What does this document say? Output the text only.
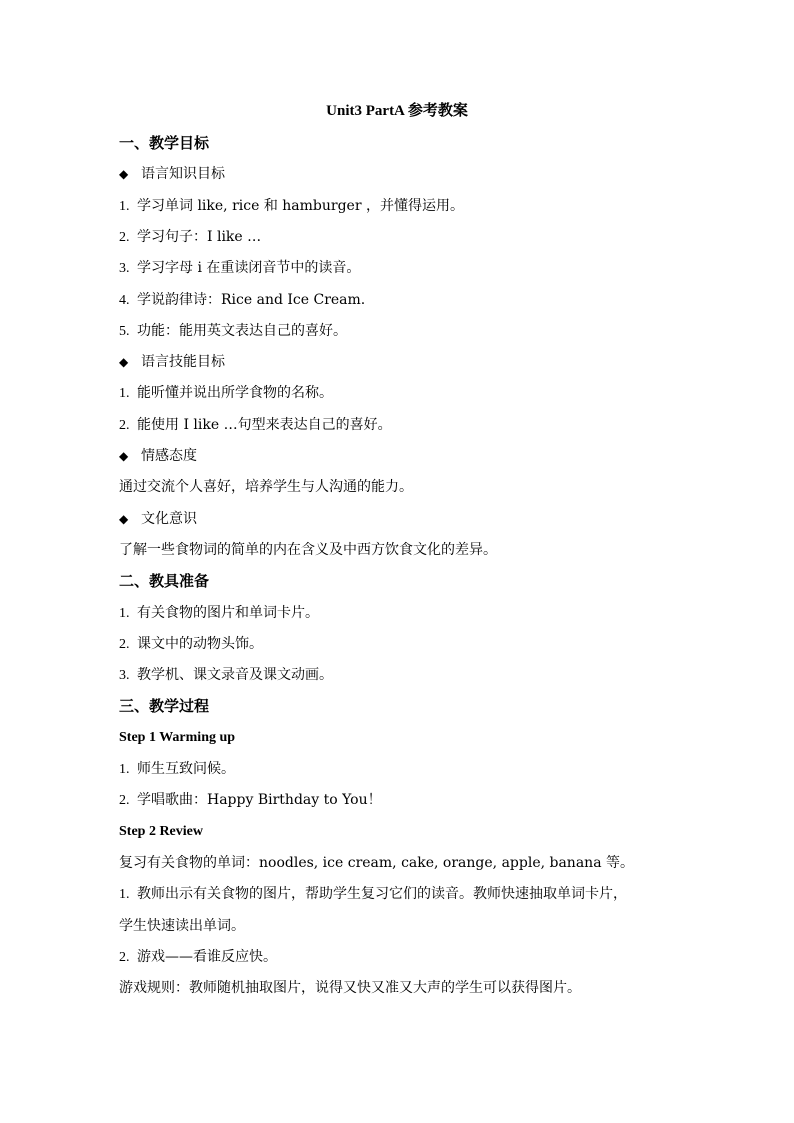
Unit3 PartA 参考教案
一、教学目标
◆ 语言知识目标
1. 学习单词 like, rice 和 hamburger ，并懂得运用。
2. 学习句子：I like …
3. 学习字母 i 在重读闭音节中的读音。
4. 学说韵律诗：Rice and Ice Cream.
5. 功能：能用英文表达自己的喜好。
◆ 语言技能目标
1. 能听懂并说出所学食物的名称。
2. 能使用 I like …句型来表达自己的喜好。
◆ 情感态度
通过交流个人喜好，培养学生与人沟通的能力。
◆ 文化意识
了解一些食物词的简单的内在含义及中西方饮食文化的差异。
二、教具准备
1. 有关食物的图片和单词卡片。
2. 课文中的动物头饰。
3. 教学机、课文录音及课文动画。
三、教学过程
Step 1 Warming up
1. 师生互致问候。
2. 学唱歌曲：Happy Birthday to You！
Step 2 Review
复习有关食物的单词：noodles, ice cream, cake, orange, apple, banana 等。
1. 教师出示有关食物的图片，帮助学生复习它们的读音。教师快速抽取单词卡片，
学生快速读出单词。
2. 游戏——看谁反应快。
游戏规则：教师随机抽取图片，说得又快又准又大声的学生可以获得图片。
